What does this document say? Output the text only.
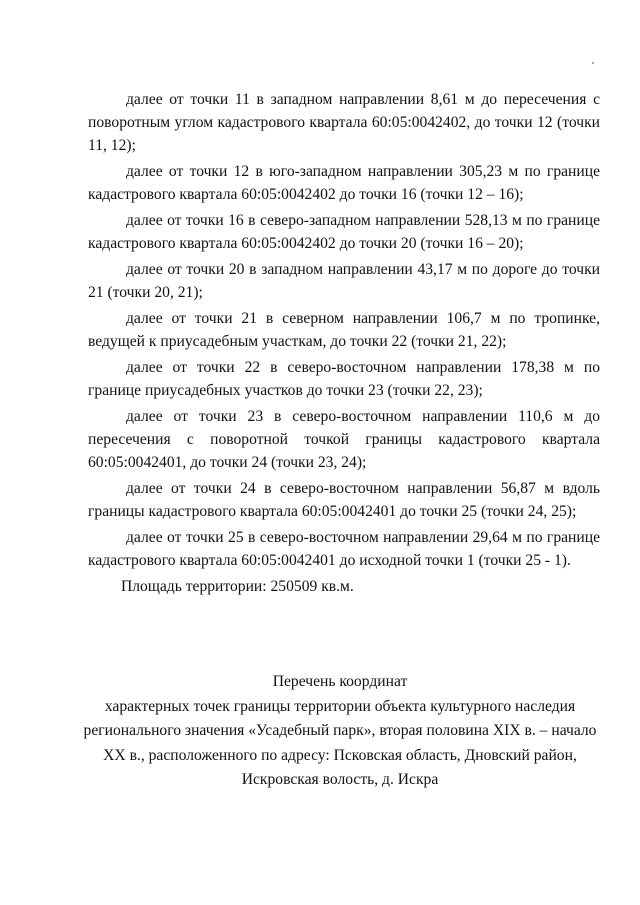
далее от точки 11 в западном направлении 8,61 м до пересечения с поворотным углом кадастрового квартала 60:05:0042402, до точки 12 (точки 11, 12);

далее от точки 12 в юго-западном направлении 305,23 м по границе кадастрового квартала 60:05:0042402 до точки 16 (точки 12 – 16);

далее от точки 16 в северо-западном направлении 528,13 м по границе кадастрового квартала 60:05:0042402 до точки 20 (точки 16 – 20);

далее от точки 20 в западном направлении 43,17 м по дороге до точки 21 (точки 20, 21);

далее от точки 21 в северном направлении 106,7 м по тропинке, ведущей к приусадебным участкам, до точки 22 (точки 21, 22);

далее от точки 22 в северо-восточном направлении 178,38 м по границе приусадебных участков до точки 23 (точки 22, 23);

далее от точки 23 в северо-восточном направлении 110,6 м до пересечения с поворотной точкой границы кадастрового квартала 60:05:0042401, до точки 24 (точки 23, 24);

далее от точки 24 в северо-восточном направлении 56,87 м вдоль границы кадастрового квартала 60:05:0042401 до точки 25 (точки 24, 25);

далее от точки 25 в северо-восточном направлении 29,64 м по границе кадастрового квартала 60:05:0042401 до исходной точки 1 (точки 25 - 1).

Площадь территории: 250509 кв.м.

Перечень координат
характерных точек границы территории объекта культурного наследия регионального значения «Усадебный парк», вторая половина XIX в. – начало XX в., расположенного по адресу: Псковская область, Дновский район, Искровская волость, д. Искра
